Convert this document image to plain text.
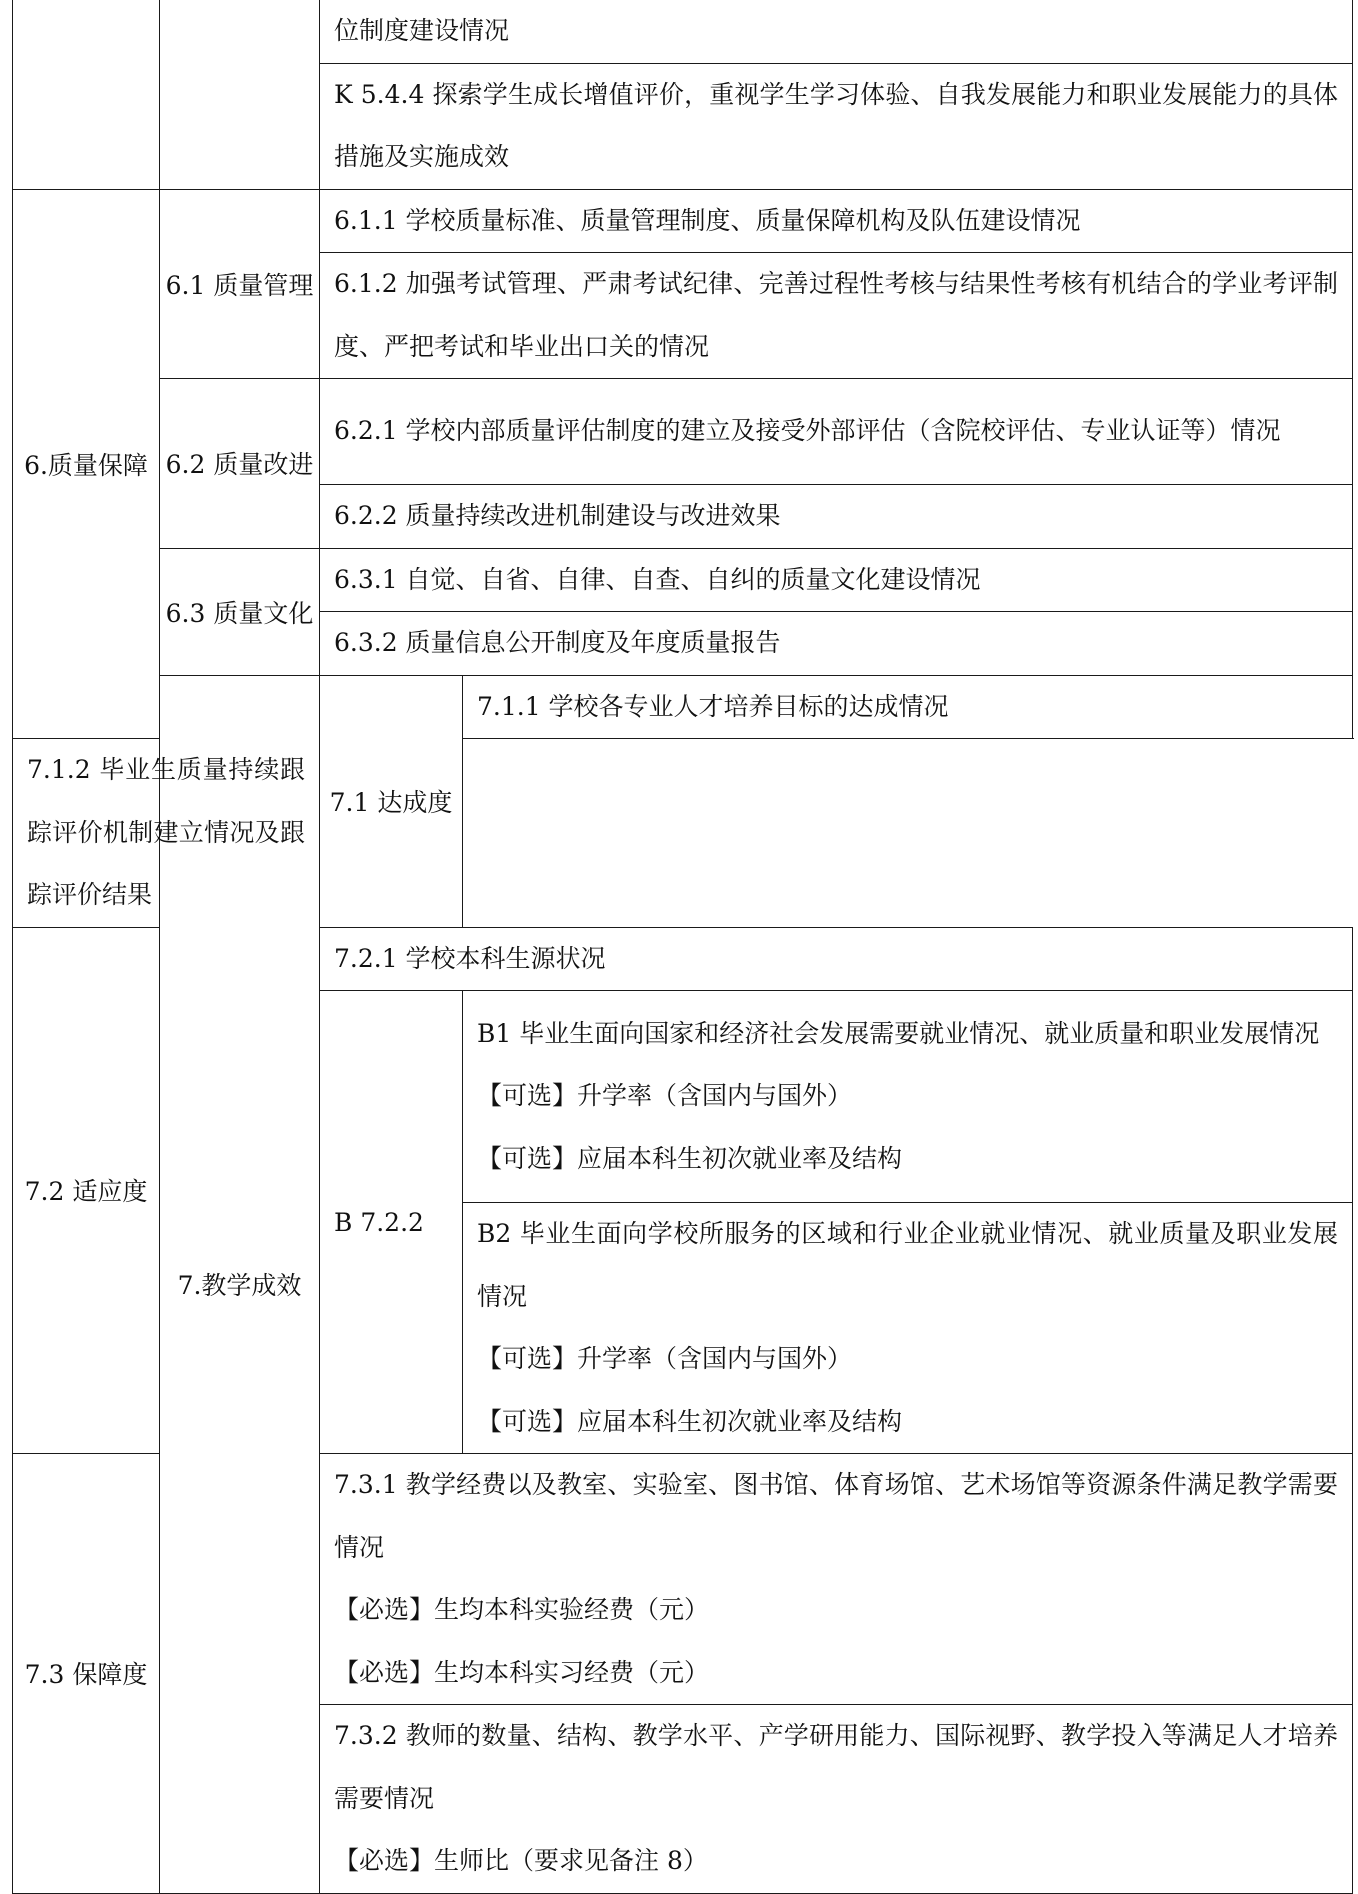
		位制度建设情况	
		K 5.4.4 探索学生成长增值评价，重视学生学习体验、自我发展能力和职业发展能力的具体措施及实施成效	
6.质量保障	6.1 质量管理	6.1.1 学校质量标准、质量管理制度、质量保障机构及队伍建设情况	
		6.1.2 加强考试管理、严肃考试纪律、完善过程性考核与结果性考核有机结合的学业考评制度、严把考试和毕业出口关的情况	
	6.2 质量改进	6.2.1 学校内部质量评估制度的建立及接受外部评估（含院校评估、专业认证等）情况	
		6.2.2 质量持续改进机制建设与改进效果	
	6.3 质量文化	6.3.1 自觉、自省、自律、自查、自纠的质量文化建设情况	
		6.3.2 质量信息公开制度及年度质量报告	
	7.教学成效	7.1 达成度	7.1.1 学校各专业人才培养目标的达成情况
7.1.2 毕业生质量持续跟踪评价机制建立情况及跟踪评价结果			
7.2 适应度		7.2.1 学校本科生源状况	
		B 7.2.2	B1 毕业生面向国家和经济社会发展需要就业情况、就业质量和职业发展情况
【可选】升学率（含国内与国外）
【可选】应届本科生初次就业率及结构

			B2 毕业生面向学校所服务的区域和行业企业就业情况、就业质量及职业发展情况
【可选】升学率（含国内与国外）
【可选】应届本科生初次就业率及结构

7.3 保障度		7.3.1 教学经费以及教室、实验室、图书馆、体育场馆、艺术场馆等资源条件满足教学需要情况
【必选】生均本科实验经费（元）
【必选】生均本科实习经费（元）	

		7.3.2 教师的数量、结构、教学水平、产学研用能力、国际视野、教学投入等满足人才培养需要情况
【必选】生师比（要求见备注 8）	
